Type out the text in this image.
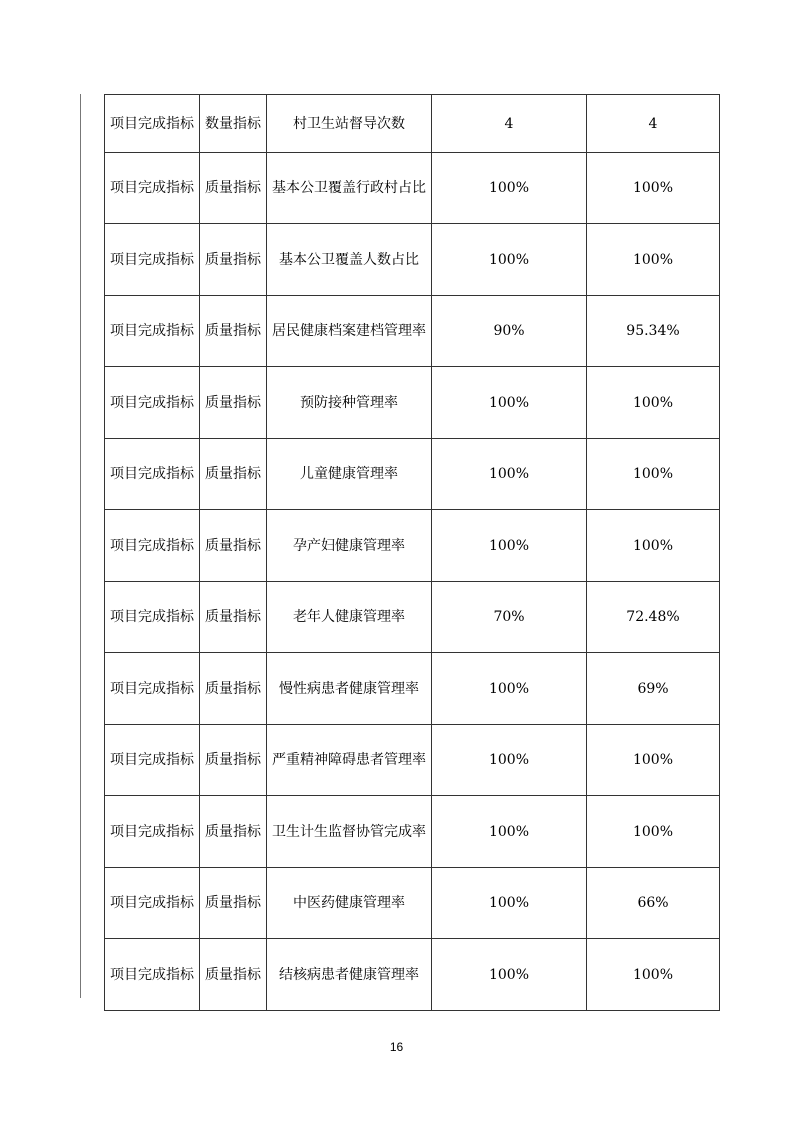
项目完成指标	数量指标	村卫生站督导次数	4	4
项目完成指标	质量指标	基本公卫覆盖行政村占比	100%	100%
项目完成指标	质量指标	基本公卫覆盖人数占比	100%	100%
项目完成指标	质量指标	居民健康档案建档管理率	90%	95.34%
项目完成指标	质量指标	预防接种管理率	100%	100%
项目完成指标	质量指标	儿童健康管理率	100%	100%
项目完成指标	质量指标	孕产妇健康管理率	100%	100%
项目完成指标	质量指标	老年人健康管理率	70%	72.48%
项目完成指标	质量指标	慢性病患者健康管理率	100%	69%
项目完成指标	质量指标	严重精神障碍患者管理率	100%	100%
项目完成指标	质量指标	卫生计生监督协管完成率	100%	100%
项目完成指标	质量指标	中医药健康管理率	100%	66%
项目完成指标	质量指标	结核病患者健康管理率	100%	100%
16
